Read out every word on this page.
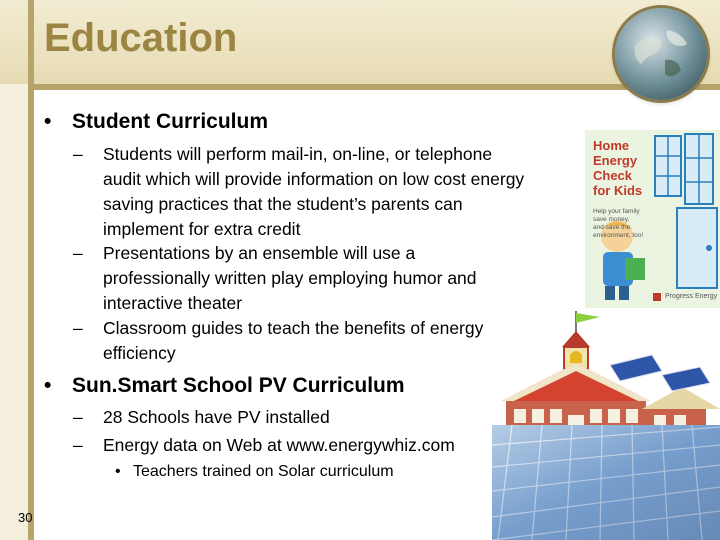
Education
• Student Curriculum
– Students will perform mail-in, on-line, or telephone
audit which will provide information on low cost energy
saving practices that the student’s parents can
implement for extra credit
– Presentations by an ensemble will use a
professionally written play employing humor and
interactive theater
– Classroom guides to teach the benefits of energy
efficiency
• Sun.Smart School PV Curriculum
– 28 Schools have PV installed
– Energy data on Web at www.energywhiz.com
• Teachers trained on Solar curriculum
30
Home
Energy
Check
for Kids
Help your family
save money,
and save the
environment, too!
Progress Energy
